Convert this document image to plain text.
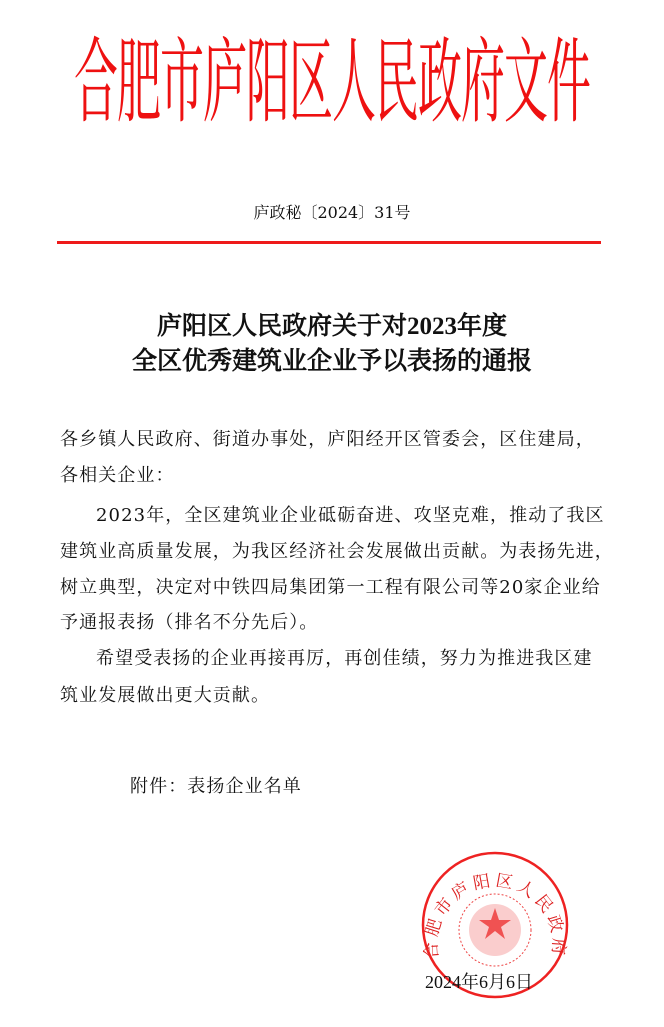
合肥市庐阳区人民政府文件
庐政秘〔2024〕31号
庐阳区人民政府关于对2023年度
全区优秀建筑业企业予以表扬的通报
各乡镇人民政府、街道办事处，庐阳经开区管委会，区住建局，
各相关企业：
2023年，全区建筑业企业砥砺奋进、攻坚克难，推动了我区
建筑业高质量发展，为我区经济社会发展做出贡献。为表扬先进，
树立典型，决定对中铁四局集团第一工程有限公司等20家企业给
予通报表扬（排名不分先后）。
希望受表扬的企业再接再厉，再创佳绩，努力为推进我区建
筑业发展做出更大贡献。
附件：表扬企业名单
合肥市庐阳区人民政府
2024年6月6日
